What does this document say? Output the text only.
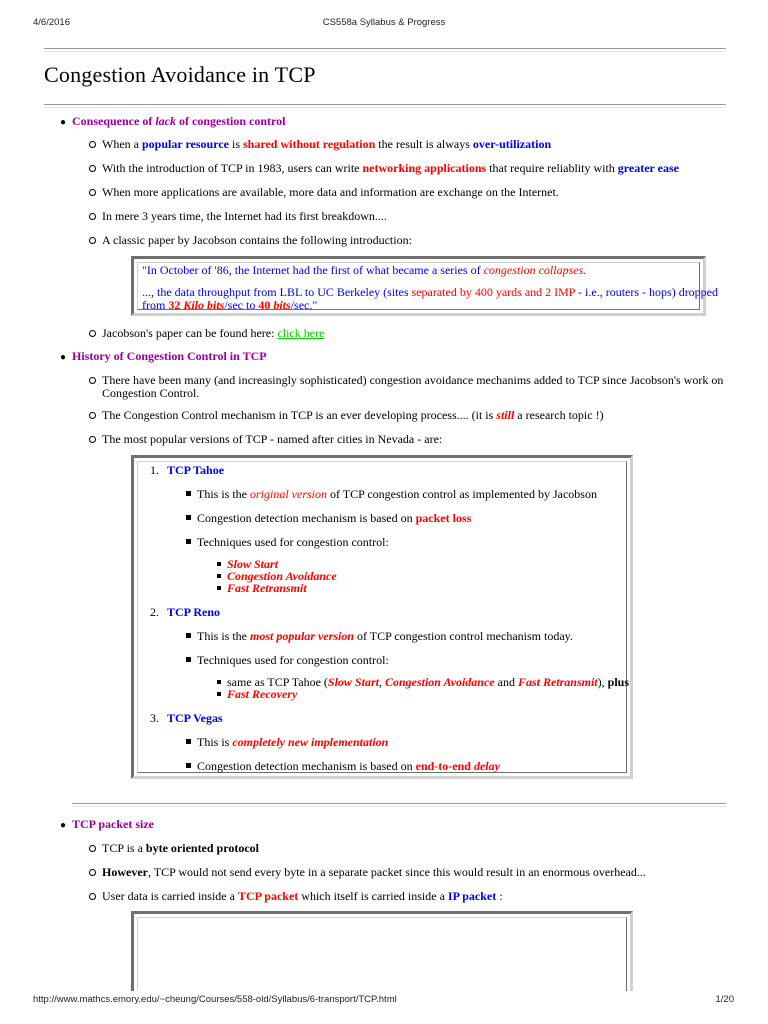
4/6/2016	CS558a Syllabus & Progress
Congestion Avoidance in TCP
● Consequence of lack of congestion control
When a popular resource is shared without regulation the result is always over-utilization
With the introduction of TCP in 1983, users can write networking applications that require reliablity with greater ease
When more applications are available, more data and information are exchange on the Internet.
In mere 3 years time, the Internet had its first breakdown....
A classic paper by Jacobson contains the following introduction:
"In October of '86, the Internet had the first of what became a series of congestion collapses.
..., the data throughput from LBL to UC Berkeley (sites separated by 400 yards and 2 IMP - i.e., routers - hops) dropped
from 32 Kilo bits/sec to 40 bits/sec."
Jacobson's paper can be found here: click here
● History of Congestion Control in TCP
There have been many (and increasingly sophisticated) congestion avoidance mechanims added to TCP since Jacobson's work on
Congestion Control.
The Congestion Control mechanism in TCP is an ever developing process.... (it is still a research topic !)
The most popular versions of TCP - named after cities in Nevada - are:
1. TCP Tahoe
This is the original version of TCP congestion control as implemented by Jacobson
Congestion detection mechanism is based on packet loss
Techniques used for congestion control:
Slow Start
Congestion Avoidance
Fast Retransmit
2. TCP Reno
This is the most popular version of TCP congestion control mechanism today.
Techniques used for congestion control:
same as TCP Tahoe (Slow Start, Congestion Avoidance and Fast Retransmit), plus
Fast Recovery
3. TCP Vegas
This is completely new implementation
Congestion detection mechanism is based on end-to-end delay
● TCP packet size
TCP is a byte oriented protocol
However, TCP would not send every byte in a separate packet since this would result in an enormous overhead...
User data is carried inside a TCP packet which itself is carried inside a IP packet :
http://www.mathcs.emory.edu/~cheung/Courses/558-old/Syllabus/6-transport/TCP.html	1/20
